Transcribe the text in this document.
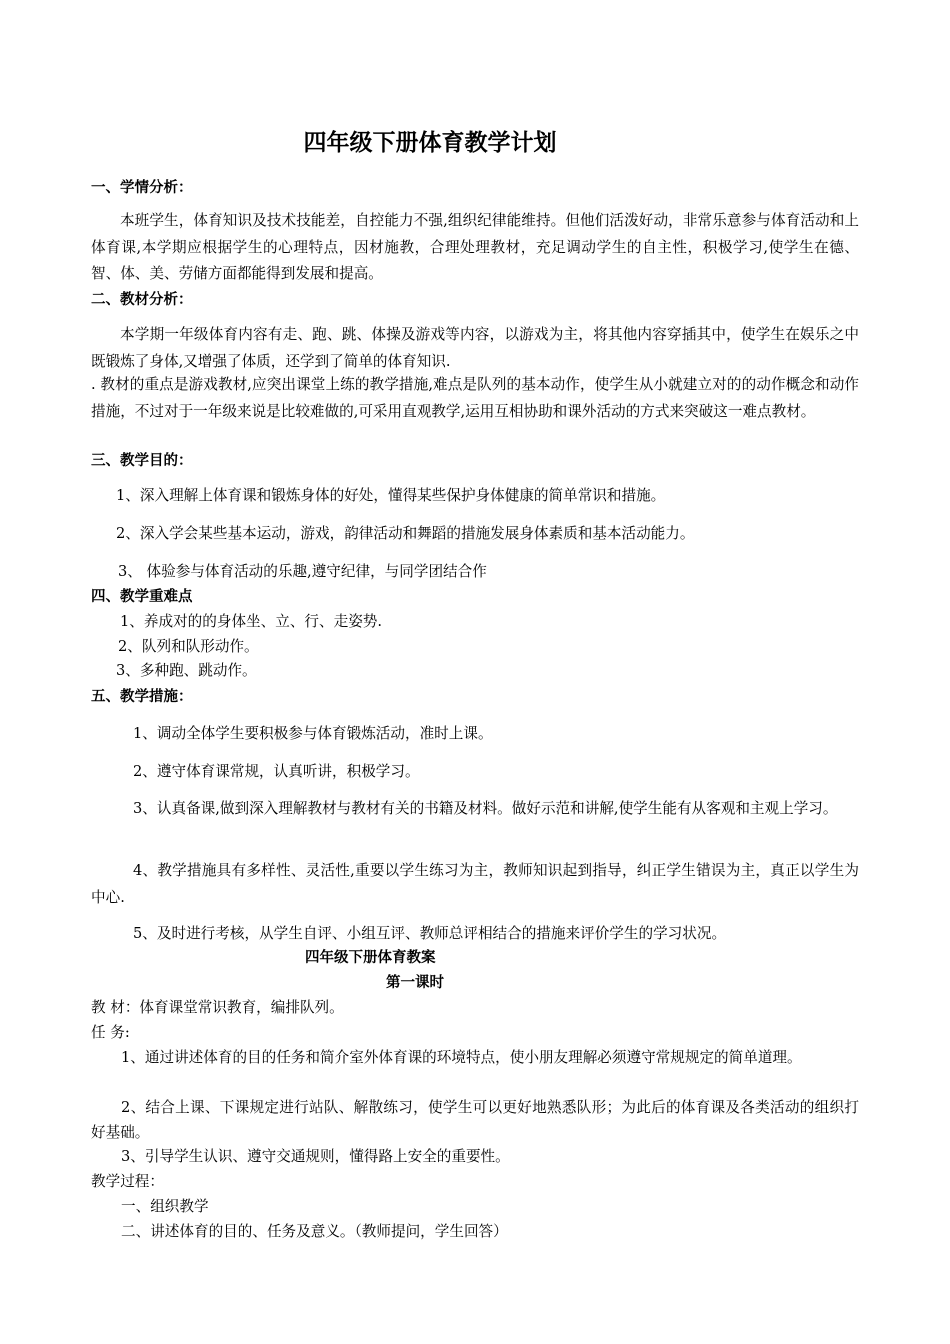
四年级下册体育教学计划
一、学情分析：
本班学生，体育知识及技术技能差，自控能力不强,组织纪律能维持。但他们活泼好动，非常乐意参与体育活动和上体育课,本学期应根据学生的心理特点，因材施教，合理处理教材，充足调动学生的自主性，积极学习,使学生在德、智、体、美、劳储方面都能得到发展和提高。
二、教材分析：
本学期一年级体育内容有走、跑、跳、体操及游戏等内容，以游戏为主，将其他内容穿插其中，使学生在娱乐之中既锻炼了身体,又增强了体质，还学到了简单的体育知识.
. 教材的重点是游戏教材,应突出课堂上练的教学措施,难点是队列的基本动作，使学生从小就建立对的的动作概念和动作措施，不过对于一年级来说是比较难做的,可采用直观教学,运用互相协助和课外活动的方式来突破这一难点教材。
三、教学目的：
1、深入理解上体育课和锻炼身体的好处，懂得某些保护身体健康的简单常识和措施。
2、深入学会某些基本运动，游戏，韵律活动和舞蹈的措施发展身体素质和基本活动能力。
3、 体验参与体育活动的乐趣,遵守纪律，与同学团结合作
四、教学重难点
1、养成对的的身体坐、立、行、走姿势.
2、队列和队形动作。
3、多种跑、跳动作。
五、教学措施：
1、调动全体学生要积极参与体育锻炼活动，准时上课。
2、遵守体育课常规，认真听讲，积极学习。
3、认真备课,做到深入理解教材与教材有关的书籍及材料。做好示范和讲解,使学生能有从客观和主观上学习。
4、教学措施具有多样性、灵活性,重要以学生练习为主，教师知识起到指导，纠正学生错误为主，真正以学生为中心.
5、及时进行考核，从学生自评、小组互评、教师总评相结合的措施来评价学生的学习状况。
四年级下册体育教案
第一课时
教 材：体育课堂常识教育，编排队列。
任 务:
1、通过讲述体育的目的任务和简介室外体育课的环境特点，使小朋友理解必须遵守常规规定的简单道理。
2、结合上课、下课规定进行站队、解散练习，使学生可以更好地熟悉队形；为此后的体育课及各类活动的组织打好基础。
3、引导学生认识、遵守交通规则，懂得路上安全的重要性。
教学过程：
一、组织教学
二、讲述体育的目的、任务及意义。（教师提问，学生回答）
